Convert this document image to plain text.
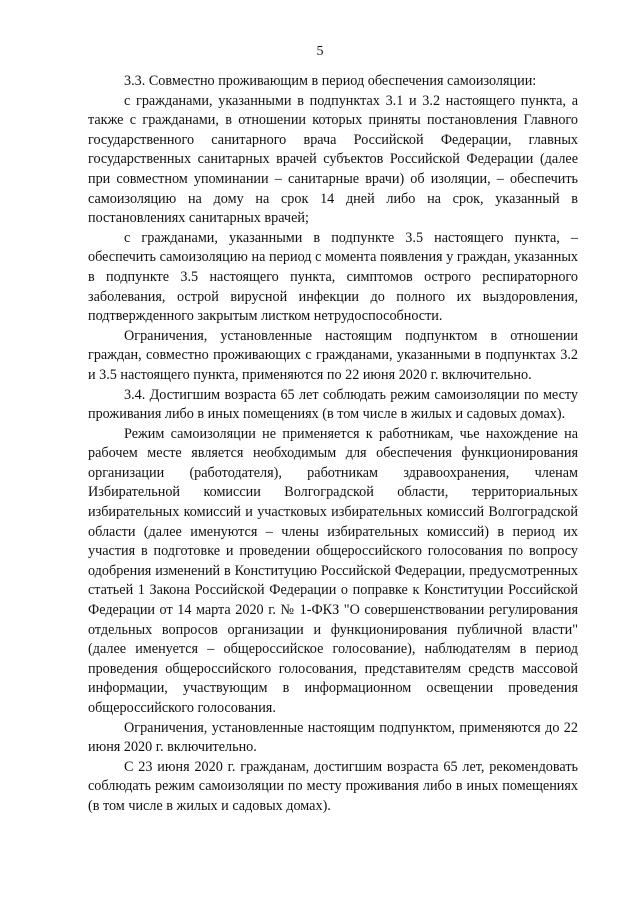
5

3.3. Совместно проживающим в период обеспечения самоизоляции:

с гражданами, указанными в подпунктах 3.1 и 3.2 настоящего пункта, а также с гражданами, в отношении которых приняты постановления Главного государственного санитарного врача Российской Федерации, главных государственных санитарных врачей субъектов Российской Федерации (далее при совместном упоминании – санитарные врачи) об изоляции, – обеспечить самоизоляцию на дому на срок 14 дней либо на срок, указанный в постановлениях санитарных врачей;

с гражданами, указанными в подпункте 3.5 настоящего пункта, – обеспечить самоизоляцию на период с момента появления у граждан, указанных в подпункте 3.5 настоящего пункта, симптомов острого респираторного заболевания, острой вирусной инфекции до полного их выздоровления, подтвержденного закрытым листком нетрудоспособности.

Ограничения, установленные настоящим подпунктом в отношении граждан, совместно проживающих с гражданами, указанными в подпунктах 3.2 и 3.5 настоящего пункта, применяются по 22 июня 2020 г. включительно.

3.4. Достигшим возраста 65 лет соблюдать режим самоизоляции по месту проживания либо в иных помещениях (в том числе в жилых и садовых домах).

Режим самоизоляции не применяется к работникам, чье нахождение на рабочем месте является необходимым для обеспечения функционирования организации (работодателя), работникам здравоохранения, членам Избирательной комиссии Волгоградской области, территориальных избирательных комиссий и участковых избирательных комиссий Волгоградской области (далее именуются – члены избирательных комиссий) в период их участия в подготовке и проведении общероссийского голосования по вопросу одобрения изменений в Конституцию Российской Федерации, предусмотренных статьей 1 Закона Российской Федерации о поправке к Конституции Российской Федерации от 14 марта 2020 г. № 1-ФКЗ "О совершенствовании регулирования отдельных вопросов организации и функционирования публичной власти" (далее именуется – общероссийское голосование), наблюдателям в период проведения общероссийского голосования, представителям средств массовой информации, участвующим в информационном освещении проведения общероссийского голосования.

Ограничения, установленные настоящим подпунктом, применяются до 22 июня 2020 г. включительно.

С 23 июня 2020 г. гражданам, достигшим возраста 65 лет, рекомендовать соблюдать режим самоизоляции по месту проживания либо в иных помещениях (в том числе в жилых и садовых домах).
